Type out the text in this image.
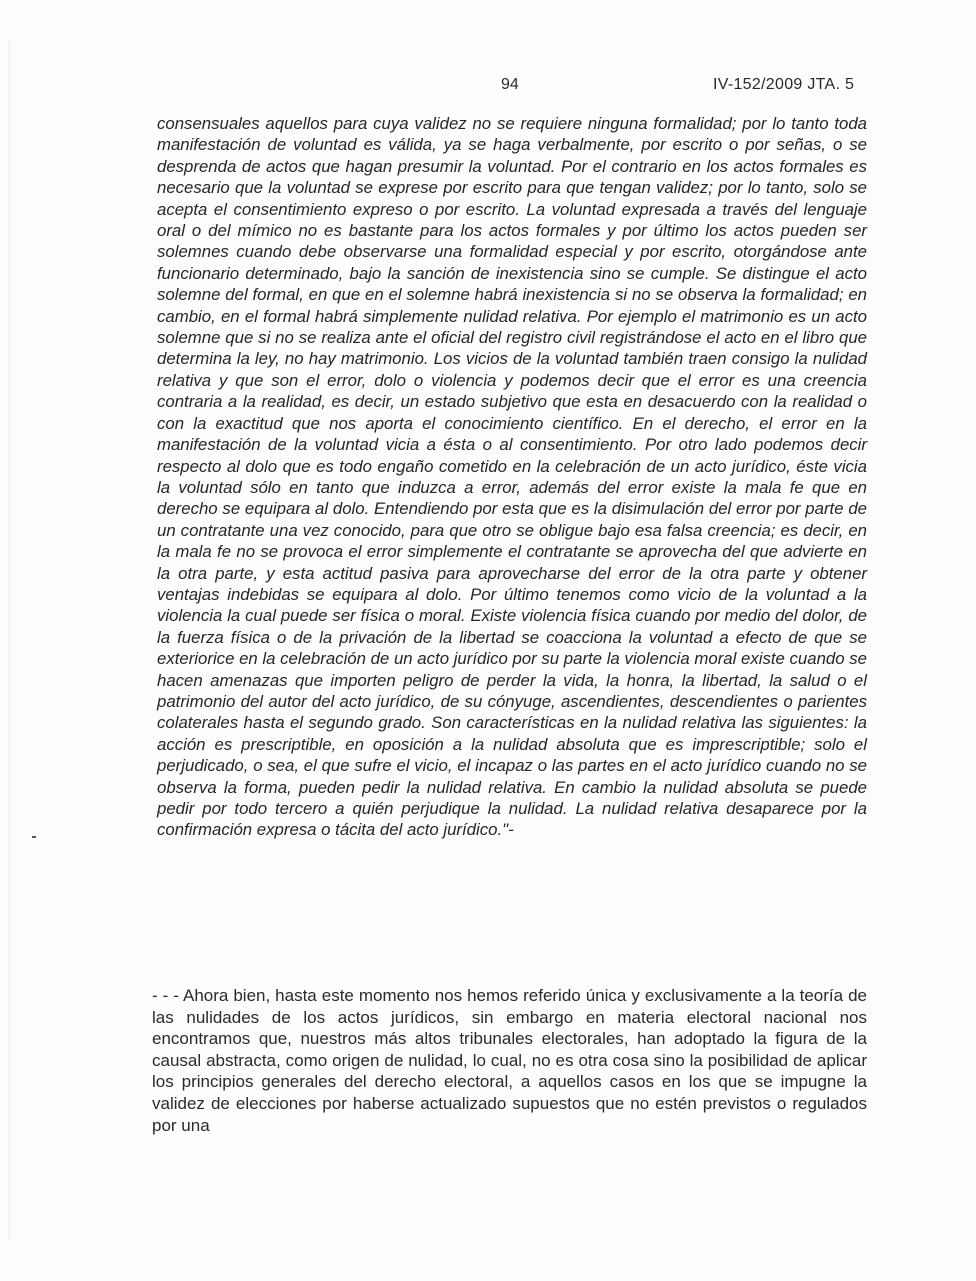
94	IV-152/2009 JTA. 5
consensuales aquellos para cuya validez no se requiere ninguna formalidad; por lo tanto toda manifestación de voluntad es válida, ya se haga verbalmente, por escrito o por señas, o se desprenda de actos que hagan presumir la voluntad. Por el contrario en los actos formales es necesario que la voluntad se exprese por escrito para que tengan validez; por lo tanto, solo se acepta el consentimiento expreso o por escrito. La voluntad expresada a través del lenguaje oral o del mímico no es bastante para los actos formales y por último los actos pueden ser solemnes cuando debe observarse una formalidad especial y por escrito, otorgándose ante funcionario determinado, bajo la sanción de inexistencia sino se cumple. Se distingue el acto solemne del formal, en que en el solemne habrá inexistencia si no se observa la formalidad; en cambio, en el formal habrá simplemente nulidad relativa. Por ejemplo el matrimonio es un acto solemne que si no se realiza ante el oficial del registro civil registrándose el acto en el libro que determina la ley, no hay matrimonio. Los vicios de la voluntad también traen consigo la nulidad relativa y que son el error, dolo o violencia y podemos decir que el error es una creencia contraria a la realidad, es decir, un estado subjetivo que esta en desacuerdo con la realidad o con la exactitud que nos aporta el conocimiento científico. En el derecho, el error en la manifestación de la voluntad vicia a ésta o al consentimiento. Por otro lado podemos decir respecto al dolo que es todo engaño cometido en la celebración de un acto jurídico, éste vicia la voluntad sólo en tanto que induzca a error, además del error existe la mala fe que en derecho se equipara al dolo. Entendiendo por esta que es la disimulación del error por parte de un contratante una vez conocido, para que otro se obligue bajo esa falsa creencia; es decir, en la mala fe no se provoca el error simplemente el contratante se aprovecha del que advierte en la otra parte, y esta actitud pasiva para aprovecharse del error de la otra parte y obtener ventajas indebidas se equipara al dolo. Por último tenemos como vicio de la voluntad a la violencia la cual puede ser física o moral. Existe violencia física cuando por medio del dolor, de la fuerza física o de la privación de la libertad se coacciona la voluntad a efecto de que se exteriorice en la celebración de un acto jurídico por su parte la violencia moral existe cuando se hacen amenazas que importen peligro de perder la vida, la honra, la libertad, la salud o el patrimonio del autor del acto jurídico, de su cónyuge, ascendientes, descendientes o parientes colaterales hasta el segundo grado. Son características en la nulidad relativa las siguientes: la acción es prescriptible, en oposición a la nulidad absoluta que es imprescriptible; solo el perjudicado, o sea, el que sufre el vicio, el incapaz o las partes en el acto jurídico cuando no se observa la forma, pueden pedir la nulidad relativa. En cambio la nulidad absoluta se puede pedir por todo tercero a quién perjudique la nulidad. La nulidad relativa desaparece por la confirmación expresa o tácita del acto jurídico."-
- - - Ahora bien, hasta este momento nos hemos referido única y exclusivamente a la teoría de las nulidades de los actos jurídicos, sin embargo en materia electoral nacional nos encontramos que, nuestros más altos tribunales electorales, han adoptado la figura de la causal abstracta, como origen de nulidad, lo cual, no es otra cosa sino la posibilidad de aplicar los principios generales del derecho electoral, a aquellos casos en los que se impugne la validez de elecciones por haberse actualizado supuestos que no estén previstos o regulados por una
